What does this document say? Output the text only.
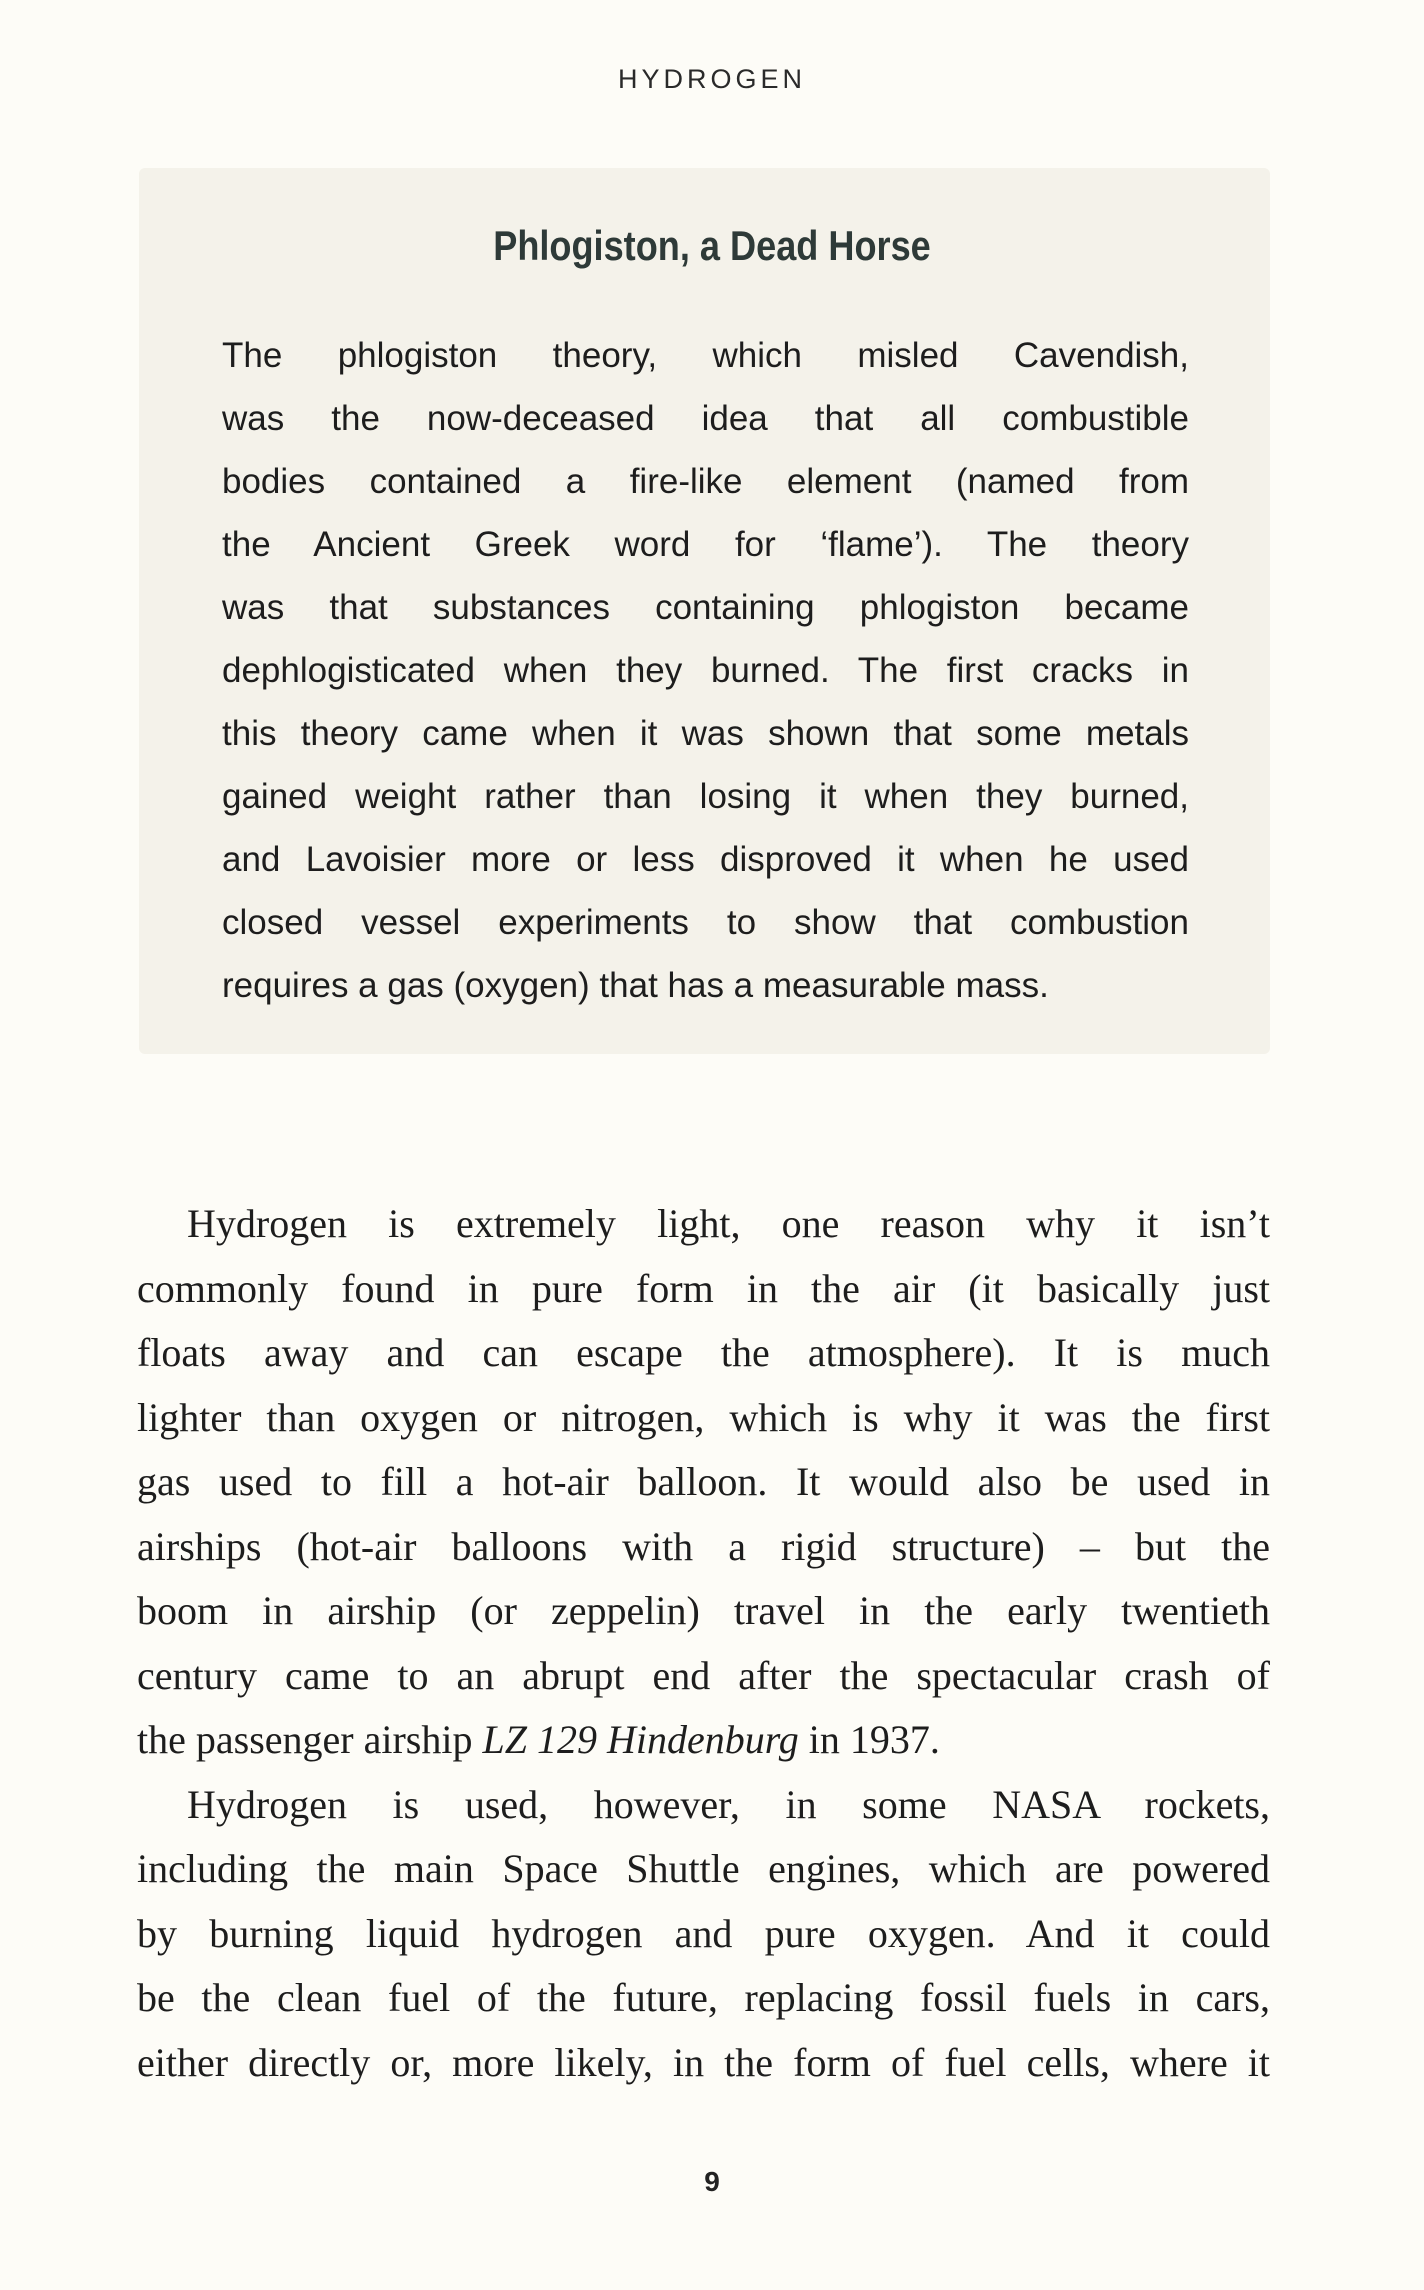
HYDROGEN
Phlogiston, a Dead Horse
The phlogiston theory, which misled Cavendish,
was the now-deceased idea that all combustible
bodies contained a fire-like element (named from
the Ancient Greek word for ‘flame’). The theory
was that substances containing phlogiston became
dephlogisticated when they burned. The first cracks in
this theory came when it was shown that some metals
gained weight rather than losing it when they burned,
and Lavoisier more or less disproved it when he used
closed vessel experiments to show that combustion
requires a gas (oxygen) that has a measurable mass.
Hydrogen is extremely light, one reason why it isn’t
commonly found in pure form in the air (it basically just
floats away and can escape the atmosphere). It is much
lighter than oxygen or nitrogen, which is why it was the first
gas used to fill a hot-air balloon. It would also be used in
airships (hot-air balloons with a rigid structure) – but the
boom in airship (or zeppelin) travel in the early twentieth
century came to an abrupt end after the spectacular crash of
the passenger airship LZ 129 Hindenburg in 1937.
Hydrogen is used, however, in some NASA rockets,
including the main Space Shuttle engines, which are powered
by burning liquid hydrogen and pure oxygen. And it could
be the clean fuel of the future, replacing fossil fuels in cars,
either directly or, more likely, in the form of fuel cells, where it
9
